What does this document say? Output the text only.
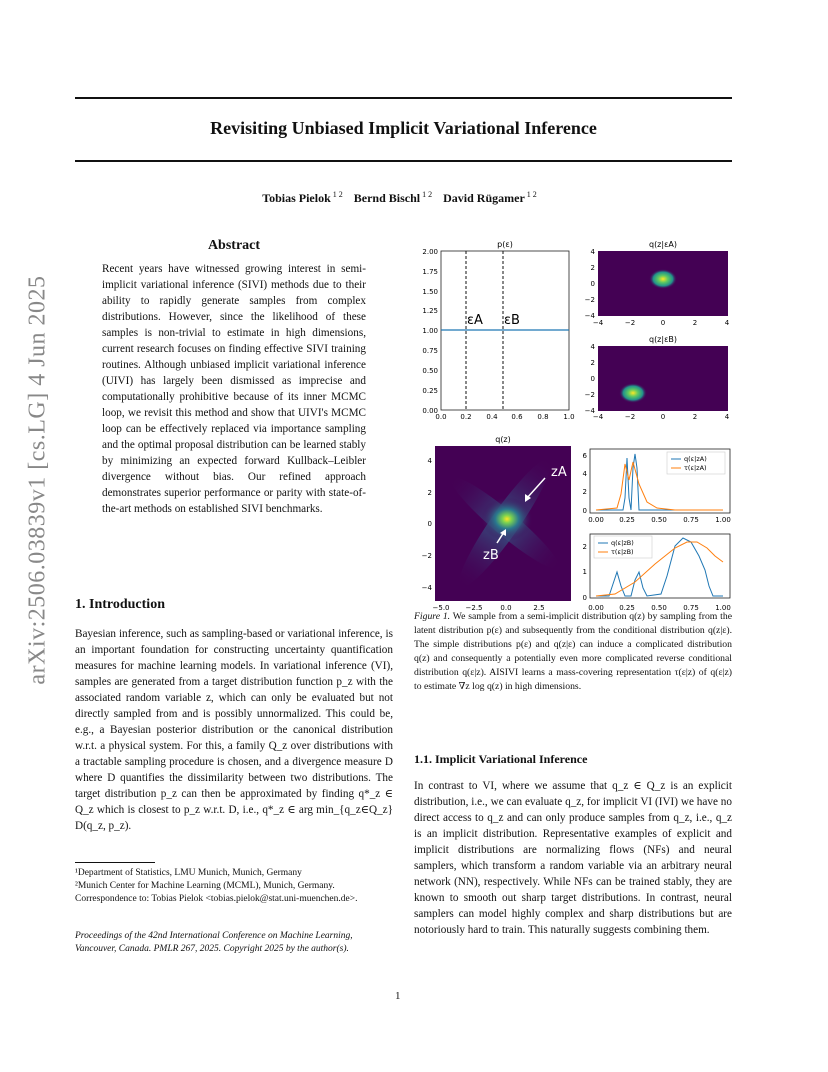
arXiv:2506.03839v1 [cs.LG] 4 Jun 2025
Revisiting Unbiased Implicit Variational Inference
Tobias Pielok $^{1 2}$ Bernd Bischl $^{1 2}$ David Rügamer $^{1 2}$
Abstract
Recent years have witnessed growing interest in semi-implicit variational inference (SIVI) methods due to their ability to rapidly generate samples from complex distributions. However, since the likelihood of these samples is non-trivial to estimate in high dimensions, current research focuses on finding effective SIVI training routines. Although unbiased implicit variational inference (UIVI) has largely been dismissed as imprecise and computationally prohibitive because of its inner MCMC loop, we revisit this method and show that UIVI's MCMC loop can be effectively replaced via importance sampling and the optimal proposal distribution can be learned stably by minimizing an expected forward Kullback–Leibler divergence without bias. Our refined approach demonstrates superior performance or parity with state-of-the-art methods on established SIVI benchmarks.
1. Introduction
Bayesian inference, such as sampling-based or variational inference, is an important foundation for constructing uncertainty quantification measures for machine learning models. In variational inference (VI), samples are generated from a target distribution function p_z with the associated random variable z, which can only be evaluated but not directly sampled from and is possibly unnormalized. This could be, e.g., a Bayesian posterior distribution or the canonical distribution w.r.t. a physical system. For this, a family Q_z over distributions with a tractable sampling procedure is chosen, and a divergence measure D where D quantifies the dissimilarity between two distributions. The target distribution p_z can then be approximated by finding q*_z ∈ Q_z which is closest to p_z w.r.t. D, i.e., q*_z ∈ arg min_{q_z∈Q_z} D(q_z, p_z).
¹Department of Statistics, LMU Munich, Munich, Germany
²Munich Center for Machine Learning (MCML), Munich, Germany. Correspondence to: Tobias Pielok <tobias.pielok@stat.uni-muenchen.de>.
Proceedings of the 42nd International Conference on Machine Learning, Vancouver, Canada. PMLR 267, 2025. Copyright 2025 by the author(s).
p(ε)
2.00
1.75
1.50
1.25
1.00
0.75
0.50
0.25
0.00
0.0 0.2 0.4 0.6 0.8 1.0
εA εB
q(z|εA)
4
2
0
−2
−4
−4	−2	0	2	4
q(z|εB)
4
2
0
−2
−4
−4	−2	0	2	4
q(z)
zA
zB
4
2
0
−2
−4
−5.0 −2.5	0.0	2.5
6
4
2
0
0.00 0.25 0.50 0.75 1.00
q(ε|zA)
τ(ε|zA)
2
1
0
0.00 0.25 0.50 0.75 1.00
q(ε|zB)
τ(ε|zB)
Figure 1. We sample from a semi-implicit distribution q(z) by sampling from the latent distribution p(ε) and subsequently from the conditional distribution q(z|ε). The simple distributions p(ε) and q(z|ε) can induce a complicated distribution q(z) and consequently a potentially even more complicated reverse conditional distribution q(ε|z). AISIVI learns a mass-covering representation τ(ε|z) of q(ε|z) to estimate ∇z log q(z) in high dimensions.
1.1. Implicit Variational Inference
In contrast to VI, where we assume that q_z ∈ Q_z is an explicit distribution, i.e., we can evaluate q_z, for implicit VI (IVI) we have no direct access to q_z and can only produce samples from q_z, i.e., q_z is an implicit distribution. Representative examples of explicit and implicit distributions are normalizing flows (NFs) and neural samplers, which transform a random variable via an arbitrary neural network (NN), respectively. While NFs can be trained stably, they are known to smooth out sharp target distributions. In contrast, neural samplers can model highly complex and sharp distributions but are notoriously hard to train. This naturally suggests combining them.
1
